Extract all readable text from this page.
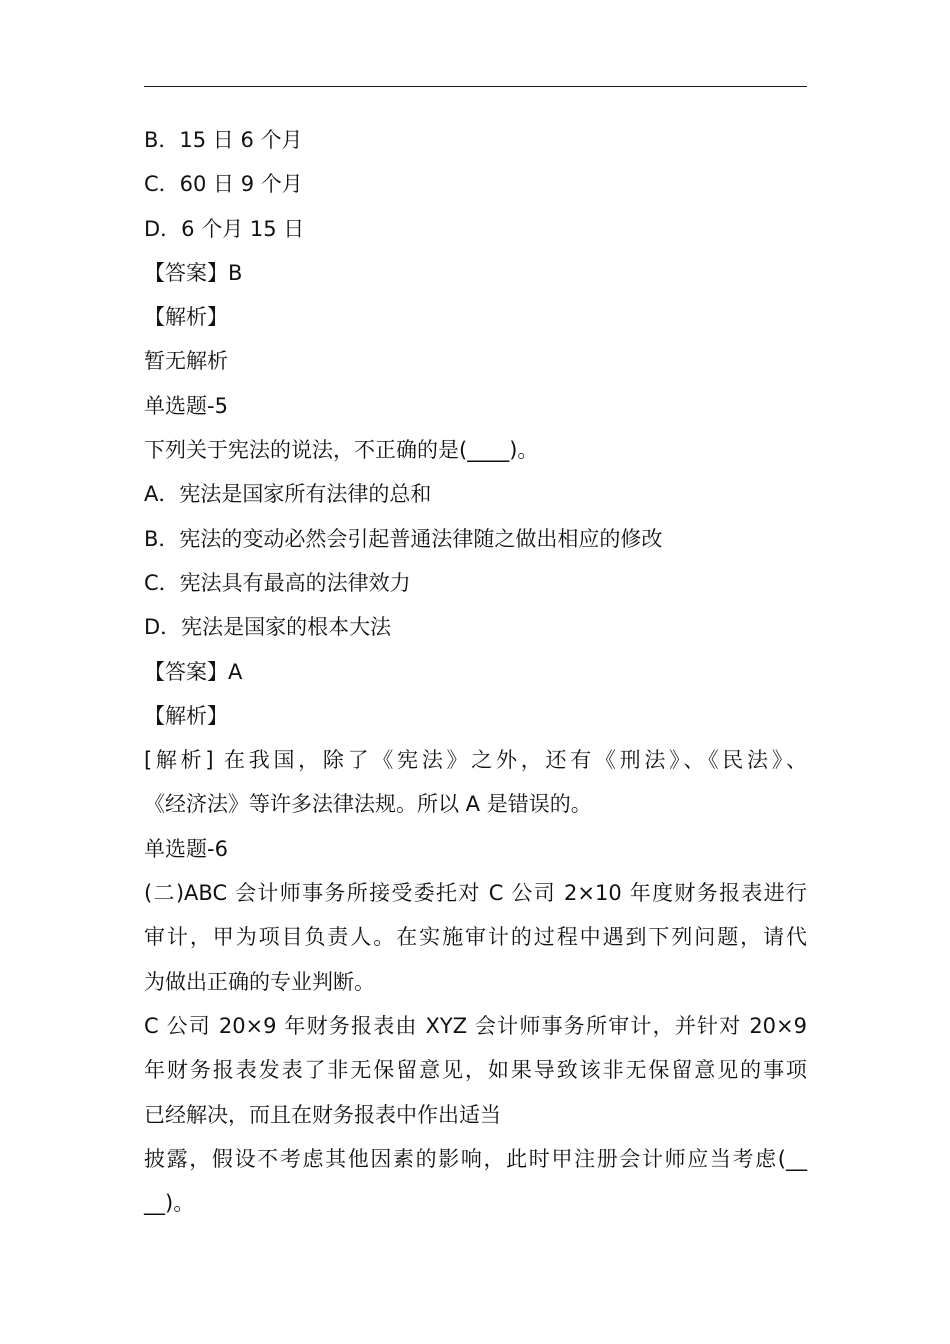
B．15 日 6 个月
C．60 日 9 个月
D．6 个月 15 日
【答案】B
【解析】
暂无解析
单选题-5
下列关于宪法的说法，不正确的是(____)。
A．宪法是国家所有法律的总和
B．宪法的变动必然会引起普通法律随之做出相应的修改
C．宪法具有最高的法律效力
D．宪法是国家的根本大法
【答案】A
【解析】
[解析] 在我国，除了《宪法》之外，还有《刑法》、《民法》、
《经济法》等许多法律法规。所以 A 是错误的。
单选题-6
(二)ABC 会计师事务所接受委托对 C 公司 2×10 年度财务报表进行
审计，甲为项目负责人。在实施审计的过程中遇到下列问题，请代
为做出正确的专业判断。
C 公司 20×9 年财务报表由 XYZ 会计师事务所审计，并针对 20×9
年财务报表发表了非无保留意见，如果导致该非无保留意见的事项
已经解决，而且在财务报表中作出适当
披露，假设不考虑其他因素的影响，此时甲注册会计师应当考虑(__
__)。
